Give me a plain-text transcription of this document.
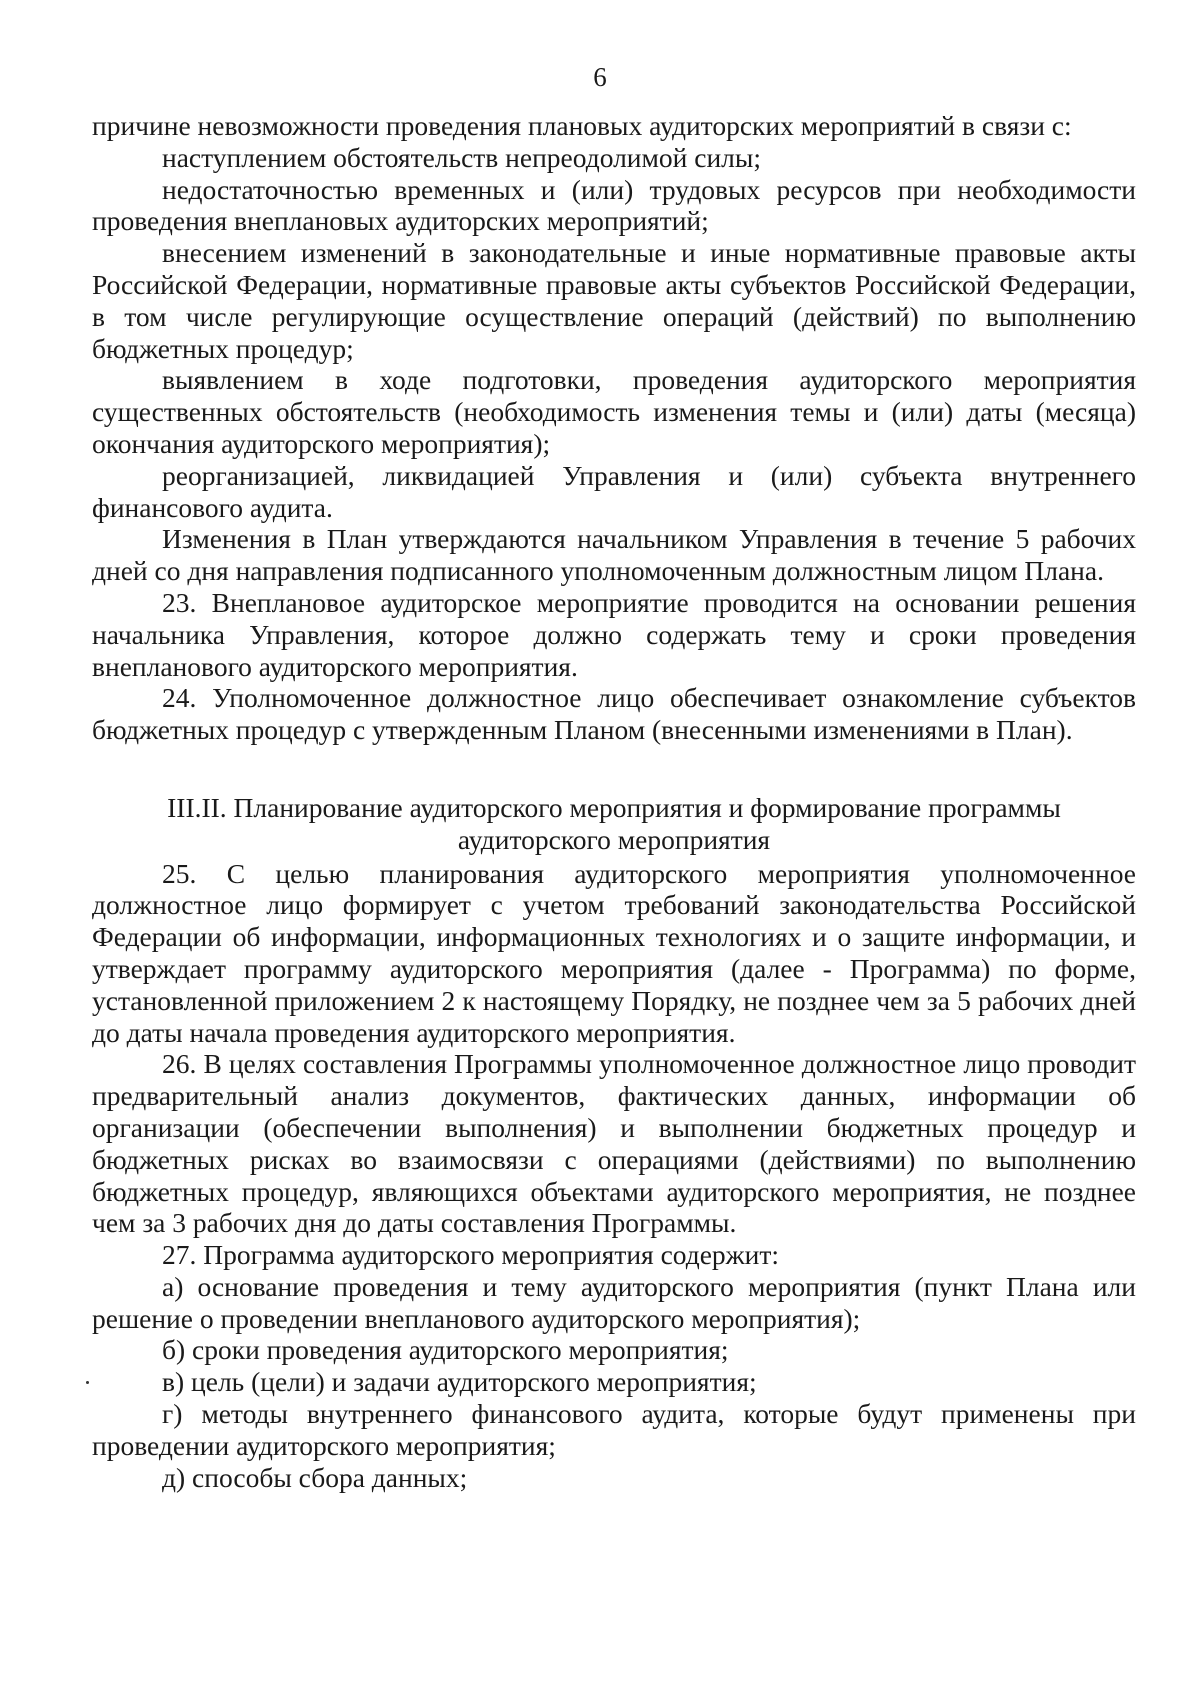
6

причине невозможности проведения плановых аудиторских мероприятий в связи с:

наступлением обстоятельств непреодолимой силы;

недостаточностью временных и (или) трудовых ресурсов при необходимости проведения внеплановых аудиторских мероприятий;

внесением изменений в законодательные и иные нормативные правовые акты Российской Федерации, нормативные правовые акты субъектов Российской Федерации, в том числе регулирующие осуществление операций (действий) по выполнению бюджетных процедур;

выявлением в ходе подготовки, проведения аудиторского мероприятия существенных обстоятельств (необходимость изменения темы и (или) даты (месяца) окончания аудиторского мероприятия);

реорганизацией, ликвидацией Управления и (или) субъекта внутреннего финансового аудита.

Изменения в План утверждаются начальником Управления в течение 5 рабочих дней со дня направления подписанного уполномоченным должностным лицом Плана.

23. Внеплановое аудиторское мероприятие проводится на основании решения начальника Управления, которое должно содержать тему и сроки проведения внепланового аудиторского мероприятия.

24. Уполномоченное должностное лицо обеспечивает ознакомление субъектов бюджетных процедур с утвержденным Планом (внесенными изменениями в План).

III.II. Планирование аудиторского мероприятия и формирование программы аудиторского мероприятия

25. С целью планирования аудиторского мероприятия уполномоченное должностное лицо формирует с учетом требований законодательства Российской Федерации об информации, информационных технологиях и о защите информации, и утверждает программу аудиторского мероприятия (далее - Программа) по форме, установленной приложением 2 к настоящему Порядку, не позднее чем за 5 рабочих дней до даты начала проведения аудиторского мероприятия.

26. В целях составления Программы уполномоченное должностное лицо проводит предварительный анализ документов, фактических данных, информации об организации (обеспечении выполнения) и выполнении бюджетных процедур и бюджетных рисках во взаимосвязи с операциями (действиями) по выполнению бюджетных процедур, являющихся объектами аудиторского мероприятия, не позднее чем за 3 рабочих дня до даты составления Программы.

27. Программа аудиторского мероприятия содержит:

а) основание проведения и тему аудиторского мероприятия (пункт Плана или решение о проведении внепланового аудиторского мероприятия);

б) сроки проведения аудиторского мероприятия;

в) цель (цели) и задачи аудиторского мероприятия;

г) методы внутреннего финансового аудита, которые будут применены при проведении аудиторского мероприятия;

д) способы сбора данных;
